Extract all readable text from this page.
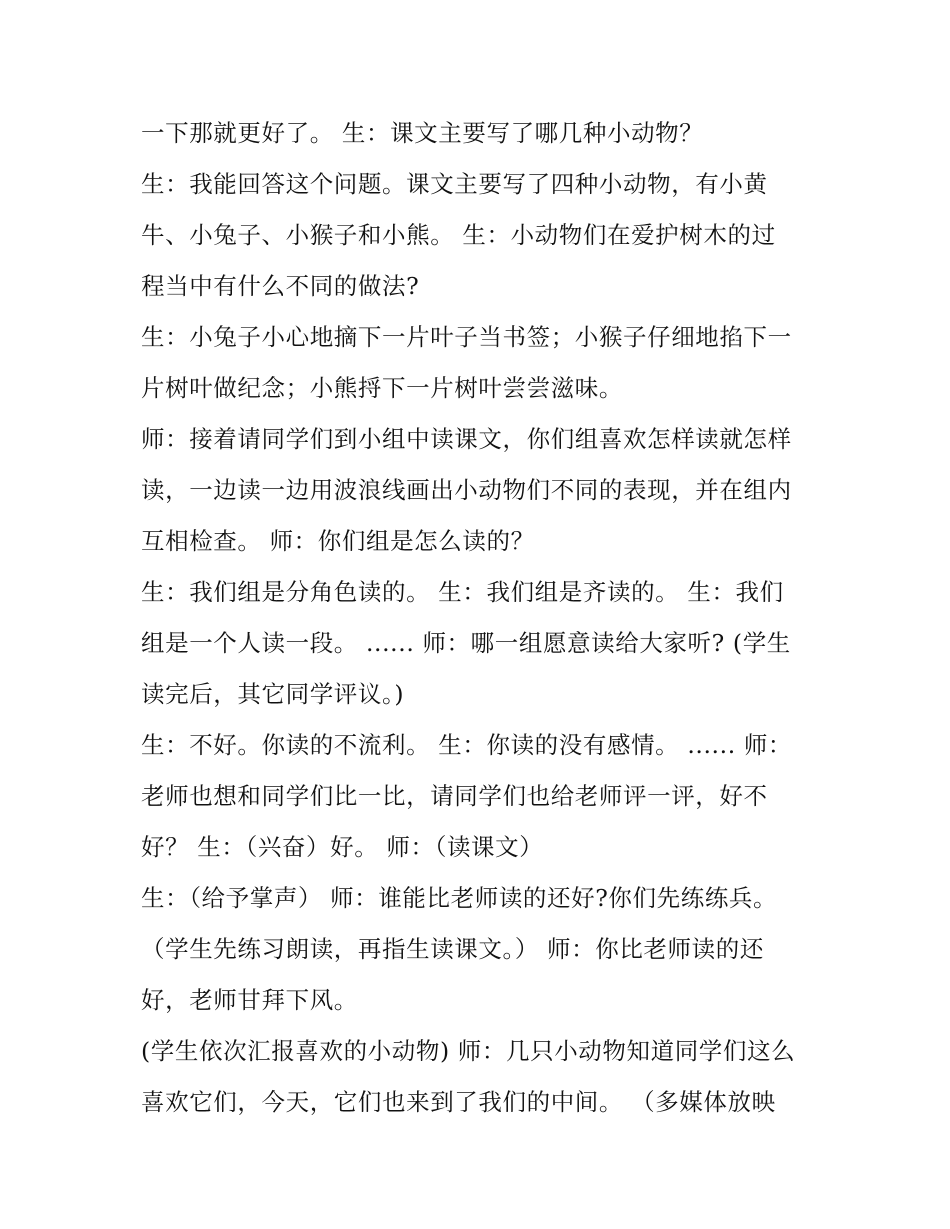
一下那就更好了。 生：课文主要写了哪几种小动物？
生：我能回答这个问题。课文主要写了四种小动物，有小黄
牛、小兔子、小猴子和小熊。 生：小动物们在爱护树木的过
程当中有什么不同的做法?
生：小兔子小心地摘下一片叶子当书签；小猴子仔细地掐下一
片树叶做纪念；小熊捋下一片树叶尝尝滋味。
师：接着请同学们到小组中读课文，你们组喜欢怎样读就怎样
读，一边读一边用波浪线画出小动物们不同的表现，并在组内
互相检查。 师：你们组是怎么读的？
生：我们组是分角色读的。 生：我们组是齐读的。 生：我们
组是一个人读一段。 ...... 师：哪一组愿意读给大家听? (学生
读完后，其它同学评议。)
生：不好。你读的不流利。 生：你读的没有感情。 ...... 师：
老师也想和同学们比一比，请同学们也给老师评一评，好不
好？ 生：（兴奋）好。 师：（读课文）
生：（给予掌声） 师：谁能比老师读的还好?你们先练练兵。
（学生先练习朗读，再指生读课文。） 师：你比老师读的还
好，老师甘拜下风。
(学生依次汇报喜欢的小动物) 师：几只小动物知道同学们这么
喜欢它们，今天，它们也来到了我们的中间。 （多媒体放映
